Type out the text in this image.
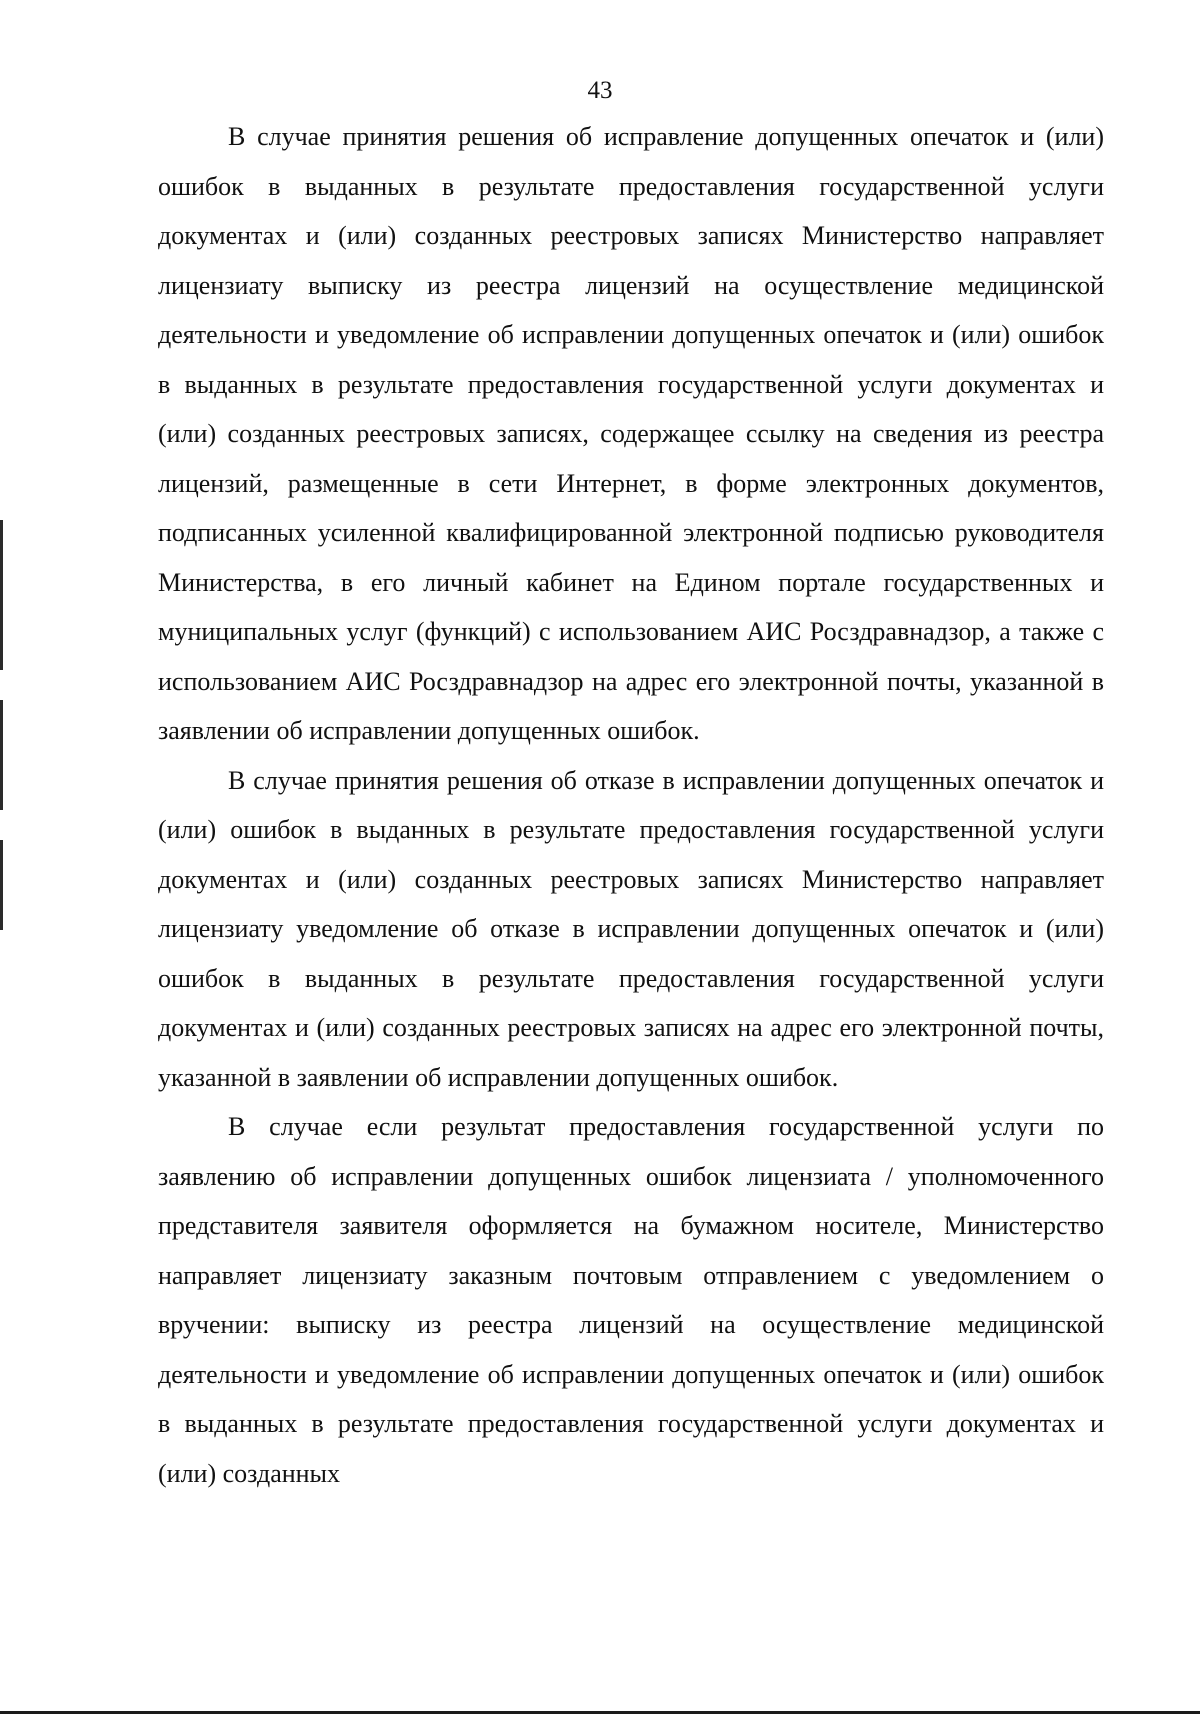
43

В случае принятия решения об исправление допущенных опечаток и (или) ошибок в выданных в результате предоставления государственной услуги документах и (или) созданных реестровых записях Министерство направляет лицензиату выписку из реестра лицензий на осуществление медицинской деятельности и уведомление об исправлении допущенных опечаток и (или) ошибок в выданных в результате предоставления государственной услуги документах и (или) созданных реестровых записях, содержащее ссылку на сведения из реестра лицензий, размещенные в сети Интернет, в форме электронных документов, подписанных усиленной квалифицированной электронной подписью руководителя Министерства, в его личный кабинет на Едином портале государственных и муниципальных услуг (функций) с использованием АИС Росздравнадзор, а также с использованием АИС Росздравнадзор на адрес его электронной почты, указанной в заявлении об исправлении допущенных ошибок.

В случае принятия решения об отказе в исправлении допущенных опечаток и (или) ошибок в выданных в результате предоставления государственной услуги документах и (или) созданных реестровых записях Министерство направляет лицензиату уведомление об отказе в исправлении допущенных опечаток и (или) ошибок в выданных в результате предоставления государственной услуги документах и (или) созданных реестровых записях на адрес его электронной почты, указанной в заявлении об исправлении допущенных ошибок.

В случае если результат предоставления государственной услуги по заявлению об исправлении допущенных ошибок лицензиата / уполномоченного представителя заявителя оформляется на бумажном носителе, Министерство направляет лицензиату заказным почтовым отправлением с уведомлением о вручении: выписку из реестра лицензий на осуществление медицинской деятельности и уведомление об исправлении допущенных опечаток и (или) ошибок в выданных в результате предоставления государственной услуги документах и (или) созданных
